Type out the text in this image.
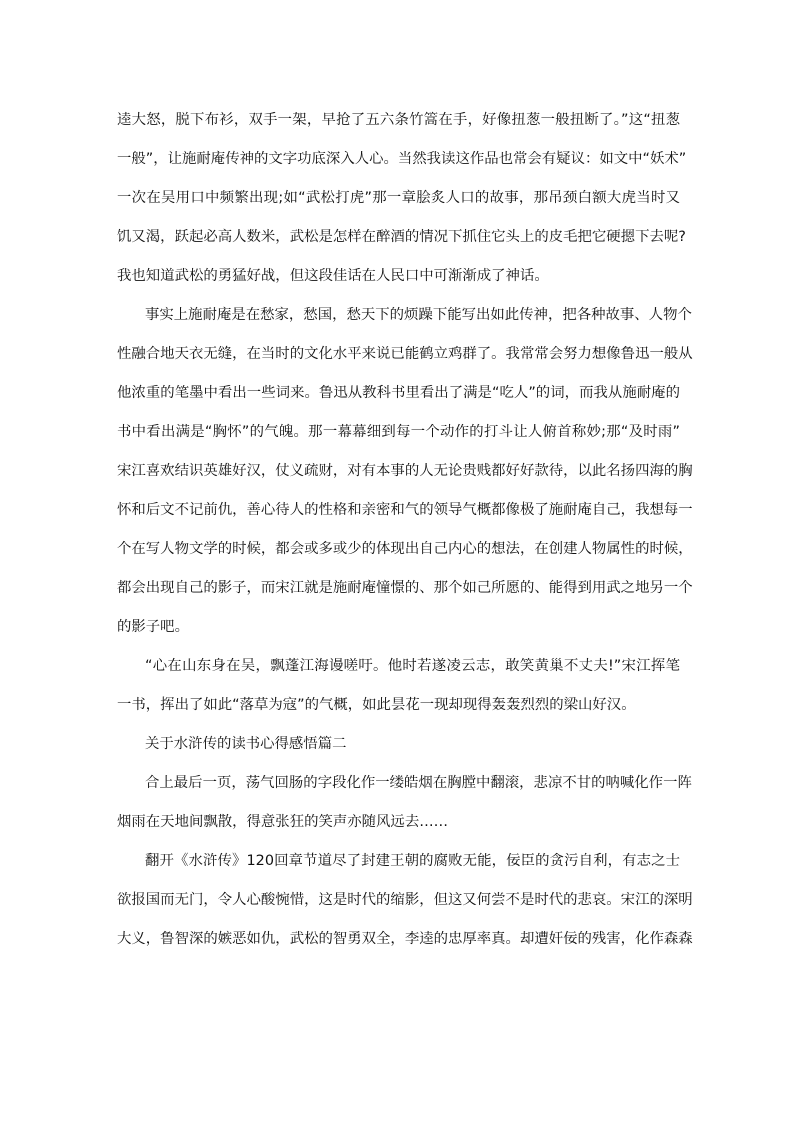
逵大怒，脱下布衫，双手一架，早抢了五六条竹篙在手，好像扭葱一般扭断了。”这“扭葱
一般”，让施耐庵传神的文字功底深入人心。当然我读这作品也常会有疑议：如文中“妖术”
一次在吴用口中频繁出现;如“武松打虎”那一章脍炙人口的故事，那吊颈白额大虎当时又
饥又渴，跃起必高人数米，武松是怎样在醉酒的情况下抓住它头上的皮毛把它硬摁下去呢?
我也知道武松的勇猛好战，但这段佳话在人民口中可渐渐成了神话。
事实上施耐庵是在愁家，愁国，愁天下的烦躁下能写出如此传神，把各种故事、人物个
性融合地天衣无缝，在当时的文化水平来说已能鹤立鸡群了。我常常会努力想像鲁迅一般从
他浓重的笔墨中看出一些词来。鲁迅从教科书里看出了满是“吃人”的词，而我从施耐庵的
书中看出满是“胸怀”的气魄。那一幕幕细到每一个动作的打斗让人俯首称妙;那“及时雨”
宋江喜欢结识英雄好汉，仗义疏财，对有本事的人无论贵贱都好好款待，以此名扬四海的胸
怀和后文不记前仇，善心待人的性格和亲密和气的领导气概都像极了施耐庵自己，我想每一
个在写人物文学的时候，都会或多或少的体现出自己内心的想法，在创建人物属性的时候，
都会出现自己的影子，而宋江就是施耐庵憧憬的、那个如己所愿的、能得到用武之地另一个
的影子吧。
“心在山东身在吴，飘蓬江海谩嗟吁。他时若遂凌云志，敢笑黄巢不丈夫!”宋江挥笔
一书，挥出了如此“落草为寇”的气概，如此昙花一现却现得轰轰烈烈的梁山好汉。
关于水浒传的读书心得感悟篇二
合上最后一页，荡气回肠的字段化作一缕皓烟在胸膛中翻滚，悲凉不甘的呐喊化作一阵
烟雨在天地间飘散，得意张狂的笑声亦随风远去……
翻开《水浒传》120回章节道尽了封建王朝的腐败无能，佞臣的贪污自利，有志之士
欲报国而无门，令人心酸惋惜，这是时代的缩影，但这又何尝不是时代的悲哀。宋江的深明
大义，鲁智深的嫉恶如仇，武松的智勇双全，李逵的忠厚率真。却遭奸佞的残害，化作森森
